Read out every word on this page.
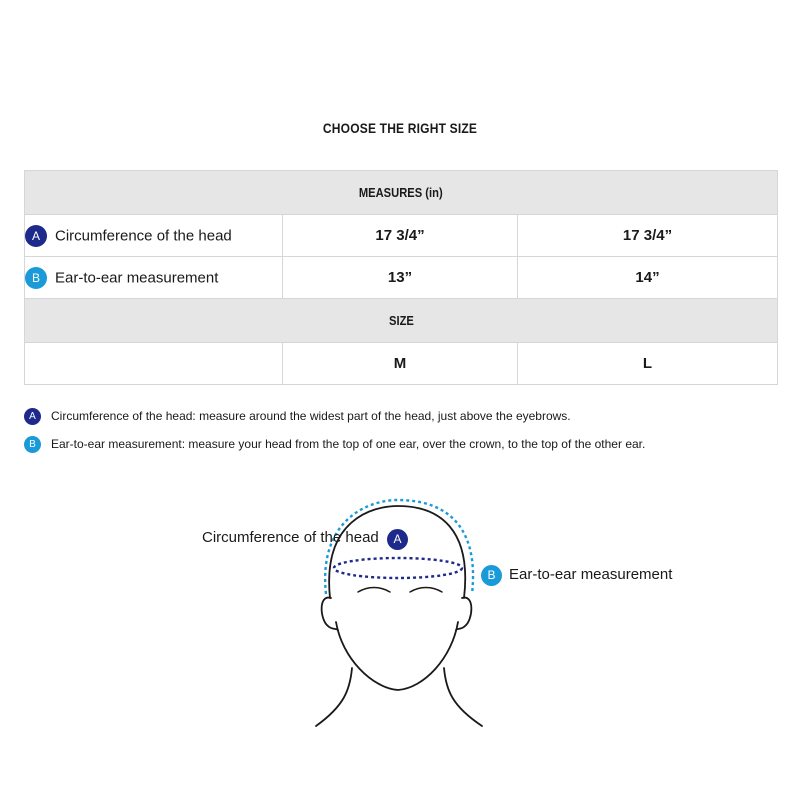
CHOOSE THE RIGHT SIZE
MEASURES (in)		
A Circumference of the head	17 3/4”	17 3/4”
B Ear-to-ear measurement	13”	14”
SIZE		
	M	L
A	Circumference of the head: measure around the widest part of the head, just above the eyebrows.
B	Ear-to-ear measurement: measure your head from the top of one ear, over the crown, to the top of the other ear.
Circumference of the head	A
B Ear-to-ear measurement
